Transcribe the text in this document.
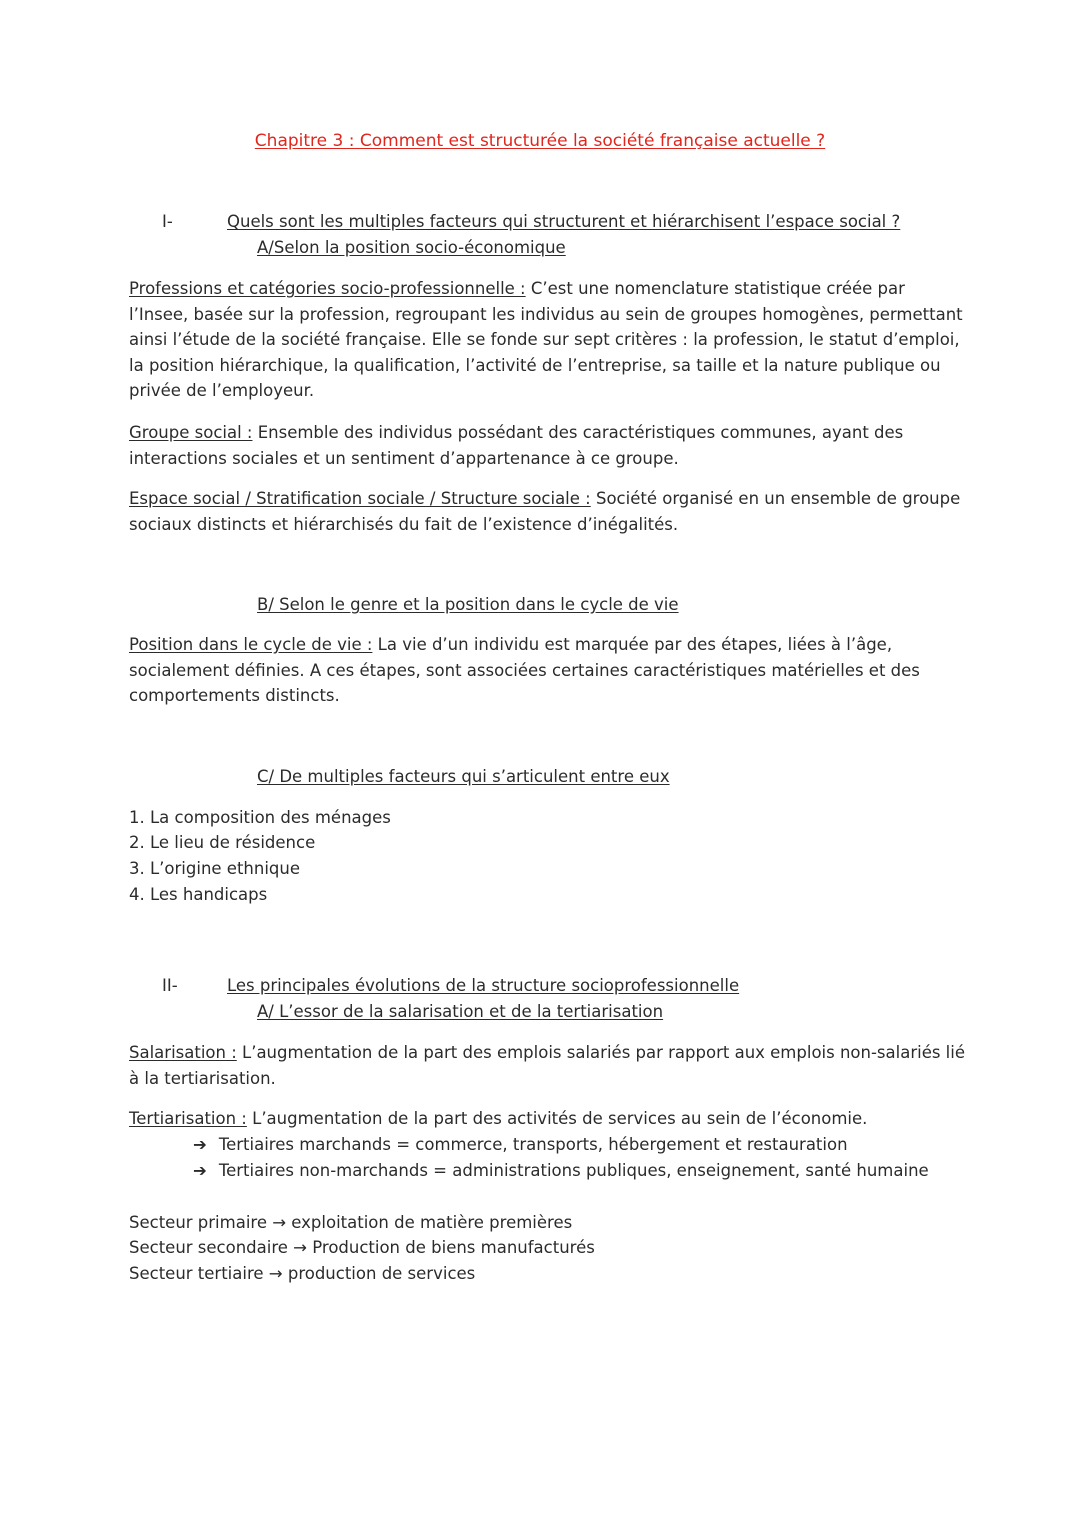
Chapitre 3 : Comment est structurée la société française actuelle ?
I-	Quels sont les multiples facteurs qui structurent et hiérarchisent l’espace social ?
A/Selon la position socio-économique
Professions et catégories socio-professionnelle : C’est une nomenclature statistique créée par l’Insee, basée sur la profession, regroupant les individus au sein de groupes homogènes, permettant ainsi l’étude de la société française. Elle se fonde sur sept critères : la profession, le statut d’emploi, la position hiérarchique, la qualification, l’activité de l’entreprise, sa taille et la nature publique ou privée de l’employeur.
Groupe social : Ensemble des individus possédant des caractéristiques communes, ayant des interactions sociales et un sentiment d’appartenance à ce groupe.
Espace social / Stratification sociale / Structure sociale : Société organisé en un ensemble de groupe sociaux distincts et hiérarchisés du fait de l’existence d’inégalités.
B/ Selon le genre et la position dans le cycle de vie
Position dans le cycle de vie : La vie d’un individu est marquée par des étapes, liées à l’âge, socialement définies. A ces étapes, sont associées certaines caractéristiques matérielles et des comportements distincts.
C/ De multiples facteurs qui s’articulent entre eux
1. La composition des ménages
2. Le lieu de résidence
3. L’origine ethnique
4. Les handicaps
II-	Les principales évolutions de la structure socioprofessionnelle
A/ L’essor de la salarisation et de la tertiarisation
Salarisation : L’augmentation de la part des emplois salariés par rapport aux emplois non-salariés lié à la tertiarisation.
Tertiarisation : L’augmentation de la part des activités de services au sein de l’économie.
➔ Tertiaires marchands = commerce, transports, hébergement et restauration
➔ Tertiaires non-marchands = administrations publiques, enseignement, santé humaine
Secteur primaire → exploitation de matière premières
Secteur secondaire → Production de biens manufacturés
Secteur tertiaire → production de services
